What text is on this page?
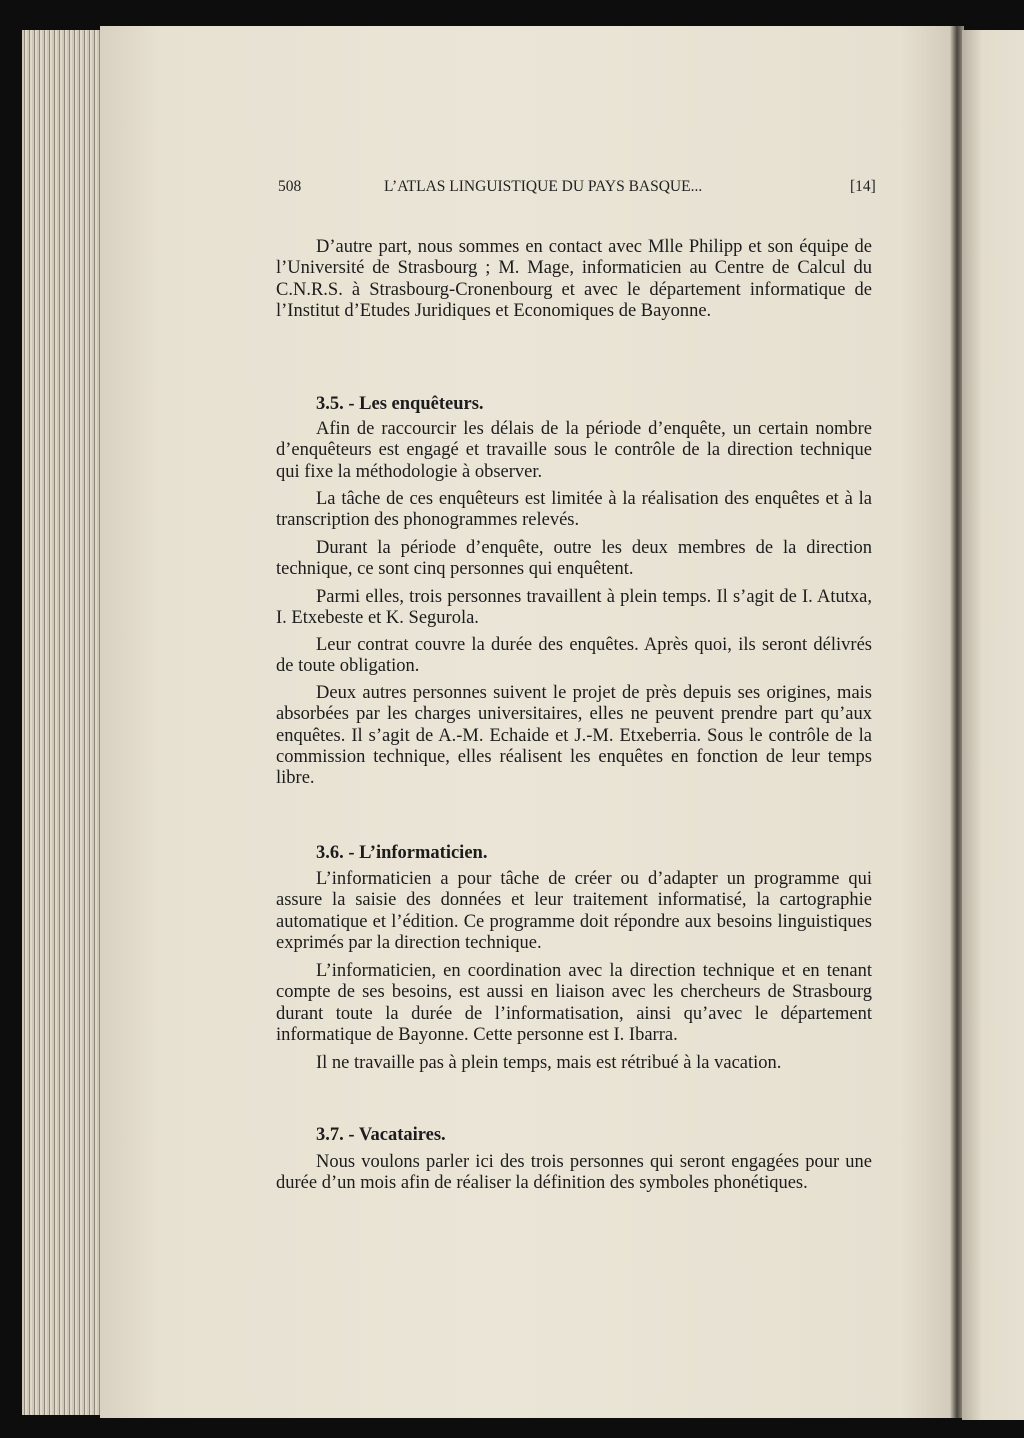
508	L’ATLAS LINGUISTIQUE DU PAYS BASQUE...	[14]

D’autre part, nous sommes en contact avec Mlle Philipp et son équipe de l’Université de Strasbourg ; M. Mage, informaticien au Centre de Calcul du C.N.R.S. à Strasbourg-Cronenbourg et avec le département informatique de l’Institut d’Etudes Juridiques et Economiques de Bayonne.

3.5. - Les enquêteurs.

Afin de raccourcir les délais de la période d’enquête, un certain nombre d’enquêteurs est engagé et travaille sous le contrôle de la direction technique qui fixe la méthodologie à observer.

La tâche de ces enquêteurs est limitée à la réalisation des enquêtes et à la transcription des phonogrammes relevés.

Durant la période d’enquête, outre les deux membres de la direction technique, ce sont cinq personnes qui enquêtent.

Parmi elles, trois personnes travaillent à plein temps. Il s’agit de I. Atutxa, I. Etxebeste et K. Segurola.

Leur contrat couvre la durée des enquêtes. Après quoi, ils seront délivrés de toute obligation.

Deux autres personnes suivent le projet de près depuis ses origines, mais absorbées par les charges universitaires, elles ne peuvent prendre part qu’aux enquêtes. Il s’agit de A.-M. Echaide et J.-M. Etxeberria. Sous le contrôle de la commission technique, elles réalisent les enquêtes en fonction de leur temps libre.

3.6. - L’informaticien.

L’informaticien a pour tâche de créer ou d’adapter un programme qui assure la saisie des données et leur traitement informatisé, la cartographie automatique et l’édition. Ce programme doit répondre aux besoins linguistiques exprimés par la direction technique.

L’informaticien, en coordination avec la direction technique et en tenant compte de ses besoins, est aussi en liaison avec les chercheurs de Strasbourg durant toute la durée de l’informatisation, ainsi qu’avec le département informatique de Bayonne. Cette personne est I. Ibarra.

Il ne travaille pas à plein temps, mais est rétribué à la vacation.

3.7. - Vacataires.

Nous voulons parler ici des trois personnes qui seront engagées pour une durée d’un mois afin de réaliser la définition des symboles phonétiques.
